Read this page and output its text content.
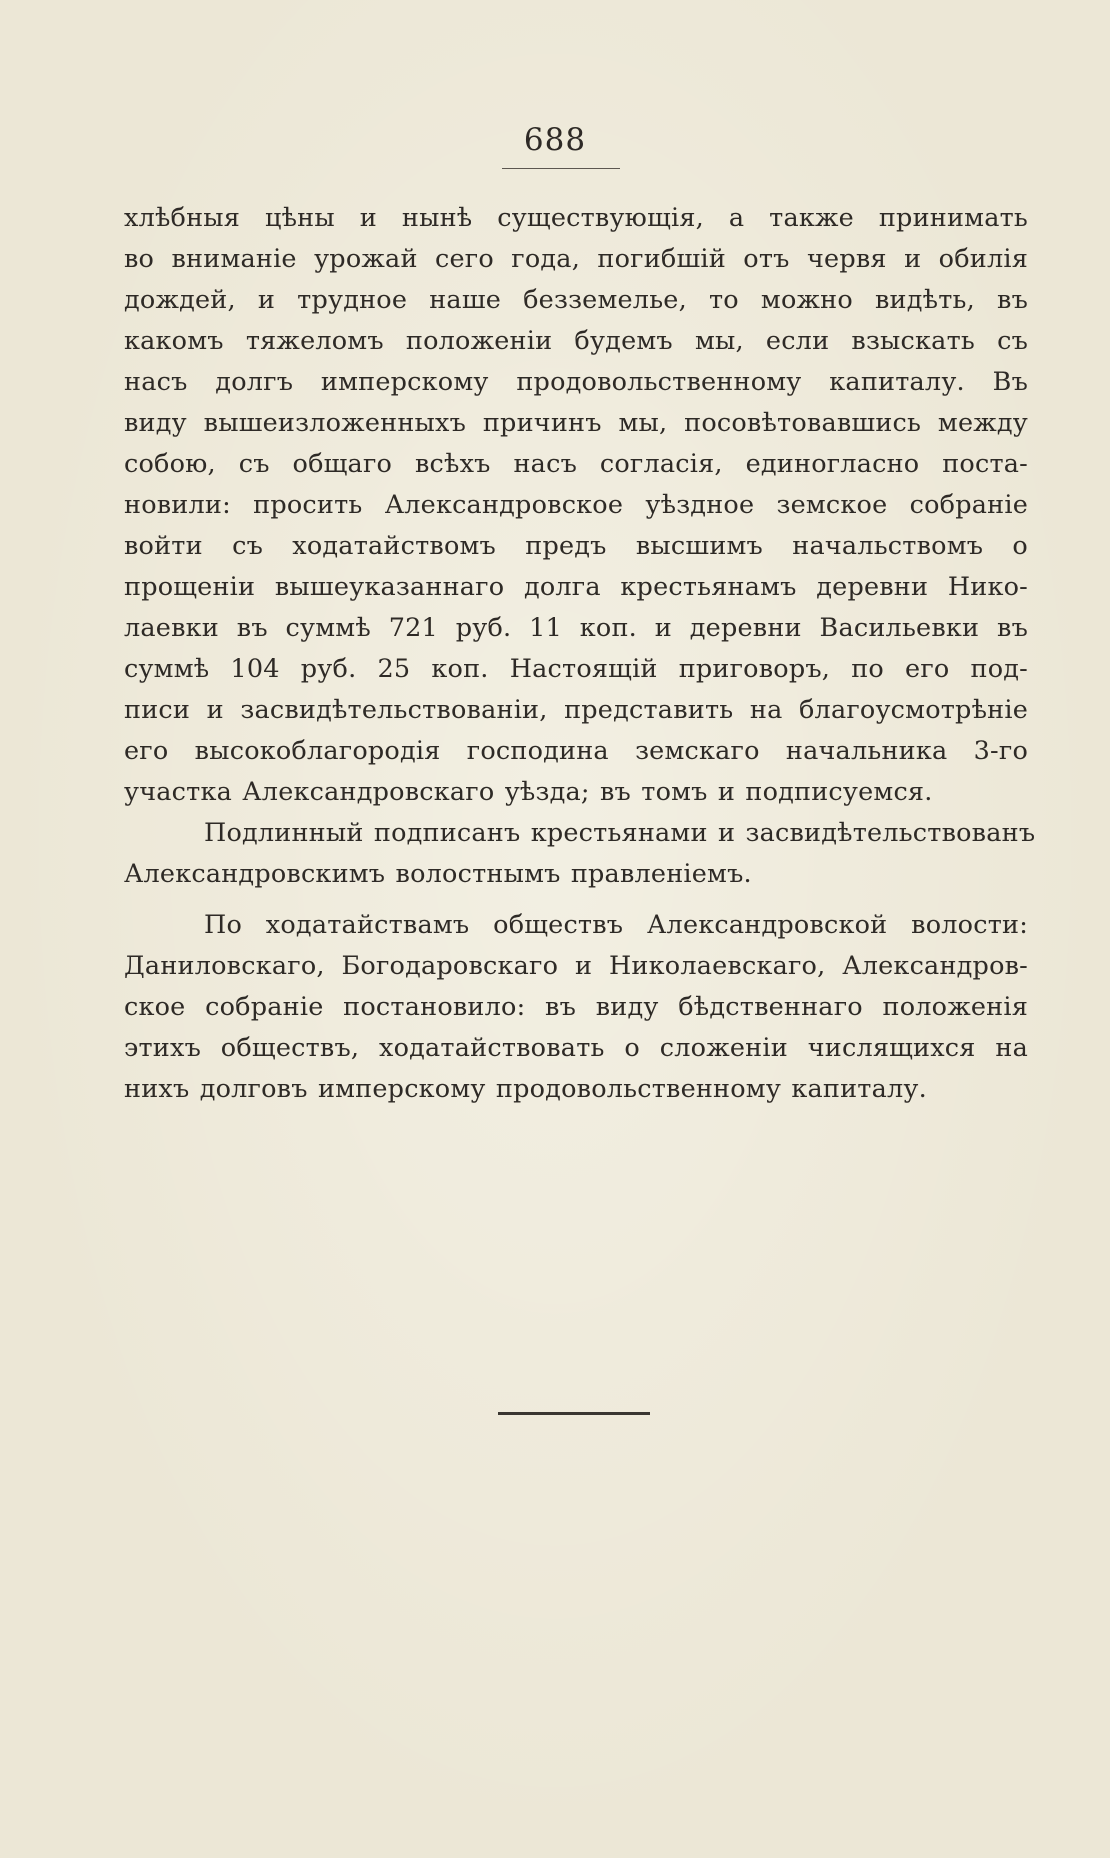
688
хлѣбныя цѣны и нынѣ существующія, а также принимать
во вниманіе урожай сего года, погибшій отъ червя и обилія
дождей, и трудное наше безземелье, то можно видѣть, въ
какомъ тяжеломъ положеніи будемъ мы, если взыскать съ
насъ долгъ имперскому продовольственному капиталу. Въ
виду вышеизложенныхъ причинъ мы, посовѣтовавшись между
собою, съ общаго всѣхъ насъ согласія, единогласно поста-
новили: просить Александровское уѣздное земское собраніе
войти съ ходатайствомъ предъ высшимъ начальствомъ о
прощеніи вышеуказаннаго долга крестьянамъ деревни Нико-
лаевки въ суммѣ 721 руб. 11 коп. и деревни Васильевки въ
суммѣ 104 руб. 25 коп. Настоящій приговоръ, по его под-
писи и засвидѣтельствованіи, представить на благоусмотрѣніе
его высокоблагородія господина земскаго начальника 3-го
участка Александровскаго уѣзда; въ томъ и подписуемся.
Подлинный подписанъ крестьянами и засвидѣтельствованъ
Александровскимъ волостнымъ правленіемъ.
По ходатайствамъ обществъ Александровской волости:
Даниловскаго, Богодаровскаго и Николаевскаго, Александров-
ское собраніе постановило: въ виду бѣдственнаго положенія
этихъ обществъ, ходатайствовать о сложеніи числящихся на
нихъ долговъ имперскому продовольственному капиталу.
